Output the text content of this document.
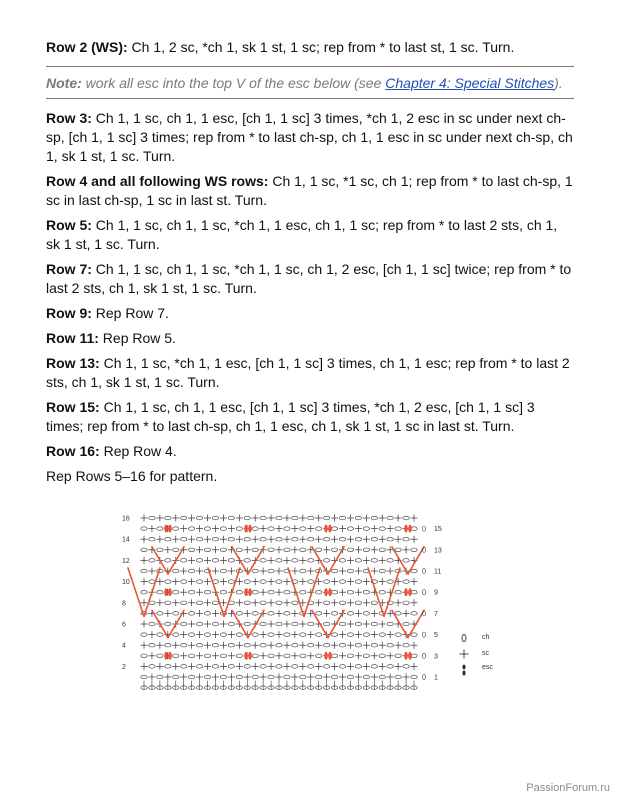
Row 2 (WS): Ch 1, 2 sc, *ch 1, sk 1 st, 1 sc; rep from * to last st, 1 sc. Turn.

Note: work all esc into the top V of the esc below (see Chapter 4: Special Stitches).

Row 3: Ch 1, 1 sc, ch 1, 1 esc, [ch 1, 1 sc] 3 times, *ch 1, 2 esc in sc under next ch-sp, [ch 1, 1 sc] 3 times; rep from * to last ch-sp, ch 1, 1 esc in sc under next ch-sp, ch 1, sk 1 st, 1 sc. Turn.

Row 4 and all following WS rows: Ch 1, 1 sc, *1 sc, ch 1; rep from * to last ch-sp, 1 sc in last ch-sp, 1 sc in last st. Turn.

Row 5: Ch 1, 1 sc, ch 1, 1 sc, *ch 1, 1 esc, ch 1, 1 sc; rep from * to last 2 sts, ch 1, sk 1 st, 1 sc. Turn.

Row 7: Ch 1, 1 sc, ch 1, 1 sc, *ch 1, 1 sc, ch 1, 2 esc, [ch 1, 1 sc] twice; rep from * to last 2 sts, ch 1, sk 1 st, 1 sc. Turn.

Row 9: Rep Row 7.

Row 11: Rep Row 5.

Row 13: Ch 1, 1 sc, *ch 1, 1 esc, [ch 1, 1 sc] 3 times, ch 1, 1 esc; rep from * to last 2 sts, ch 1, sk 1 st, 1 sc. Turn.

Row 15: Ch 1, 1 sc, ch 1, 1 esc, [ch 1, 1 sc] 3 times, *ch 1, 2 esc, [ch 1, 1 sc] 3 times; rep from * to last ch-sp, ch 1, 1 esc, ch 1, sk 1 st, 1 sc in last st. Turn.

Row 16: Rep Row 4.

Rep Rows 5–16 for pattern.

16
14
12
10
8
6
4
2
15
13
11
9
7
5
3
1
ch
sc
esc
PassionForum.ru
